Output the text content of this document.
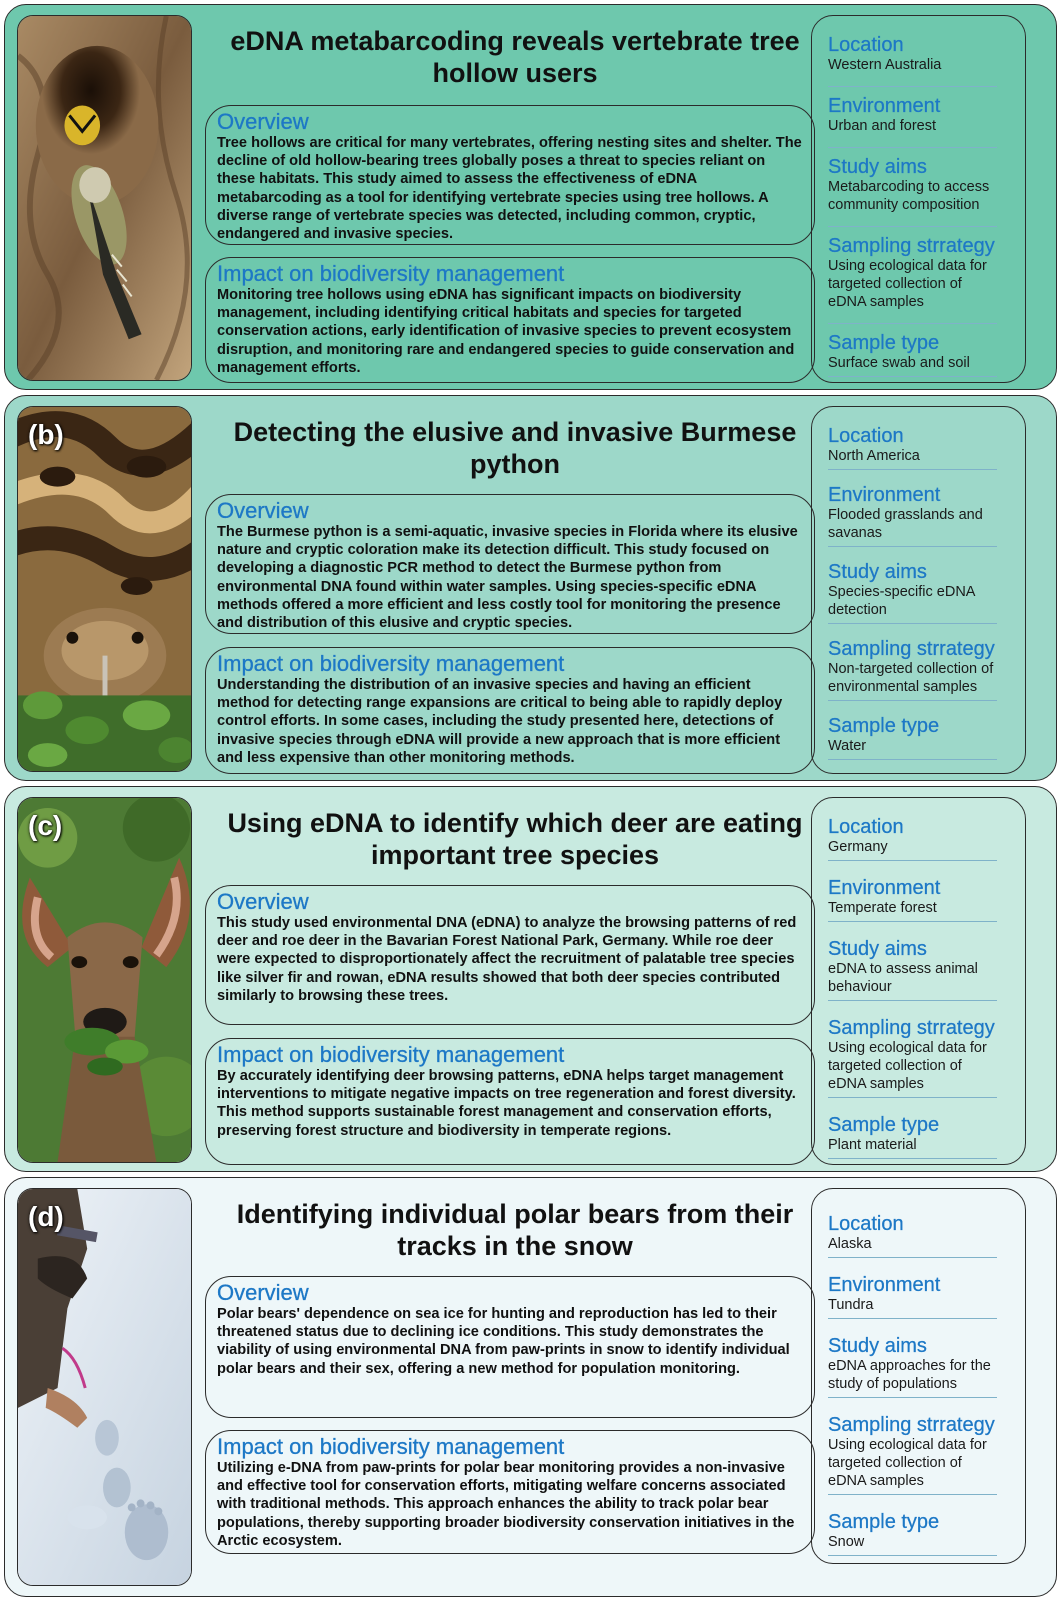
eDNA metabarcoding reveals vertebrate tree hollow users
Overview
Tree hollows are critical for many vertebrates, offering nesting sites and shelter. The decline of old hollow-bearing trees globally poses a threat to species reliant on these habitats. This study aimed to assess the effectiveness of eDNA metabarcoding as a tool for identifying vertebrate species using tree hollows. A diverse range of vertebrate species was detected, including common, cryptic, endangered and invasive species.
Impact on biodiversity management
Monitoring tree hollows using eDNA has significant impacts on biodiversity management, including identifying critical habitats and species for targeted conservation actions, early identification of invasive species to prevent ecosystem disruption, and monitoring rare and endangered species to guide conservation and management efforts.
Location
Western Australia
Environment
Urban and forest
Study aims
Metabarcoding to access community composition
Sampling strrategy
Using ecological data for targeted collection of eDNA samples
Sample type
Surface swab and soil
(b)	Detecting the elusive and invasive Burmese python
Overview
The Burmese python is a semi-aquatic, invasive species in Florida where its elusive nature and cryptic coloration make its detection difficult. This study focused on developing a diagnostic PCR method to detect the Burmese python from environmental DNA found within water samples. Using species-specific eDNA methods offered a more efficient and less costly tool for monitoring the presence and distribution of this elusive and cryptic species.
Impact on biodiversity management
Understanding the distribution of an invasive species and having an efficient method for detecting range expansions are critical to being able to rapidly deploy control efforts. In some cases, including the study presented here, detections of invasive species through eDNA will provide a new approach that is more efficient and less expensive than other monitoring methods.
Location
North America
Environment
Flooded grasslands and savanas
Study aims
Species-specific eDNA detection
Sampling strrategy
Non-targeted collection of environmental samples
Sample type
Water
(c)	Using eDNA to identify which deer are eating important tree species
Overview
This study used environmental DNA (eDNA) to analyze the browsing patterns of red deer and roe deer in the Bavarian Forest National Park, Germany. While roe deer were expected to disproportionately affect the recruitment of palatable tree species like silver fir and rowan, eDNA results showed that both deer species contributed similarly to browsing these trees.
Impact on biodiversity management
By accurately identifying deer browsing patterns, eDNA helps target management interventions to mitigate negative impacts on tree regeneration and forest diversity. This method supports sustainable forest management and conservation efforts, preserving forest structure and biodiversity in temperate regions.
Location
Germany
Environment
Temperate forest
Study aims
eDNA to assess animal behaviour
Sampling strrategy
Using ecological data for targeted collection of eDNA samples
Sample type
Plant material
(d)	Identifying individual polar bears from their tracks in the snow
Overview
Polar bears' dependence on sea ice for hunting and reproduction has led to their threatened status due to declining ice conditions. This study demonstrates the viability of using environmental DNA from paw-prints in snow to identify individual polar bears and their sex, offering a new method for population monitoring.
Impact on biodiversity management
Utilizing e-DNA from paw-prints for polar bear monitoring provides a non-invasive and effective tool for conservation efforts, mitigating welfare concerns associated with traditional methods. This approach enhances the ability to track polar bear populations, thereby supporting broader biodiversity conservation initiatives in the Arctic ecosystem.
Location
Alaska
Environment
Tundra
Study aims
eDNA approaches for the study of populations
Sampling strrategy
Using ecological data for targeted collection of eDNA samples
Sample type
Snow
